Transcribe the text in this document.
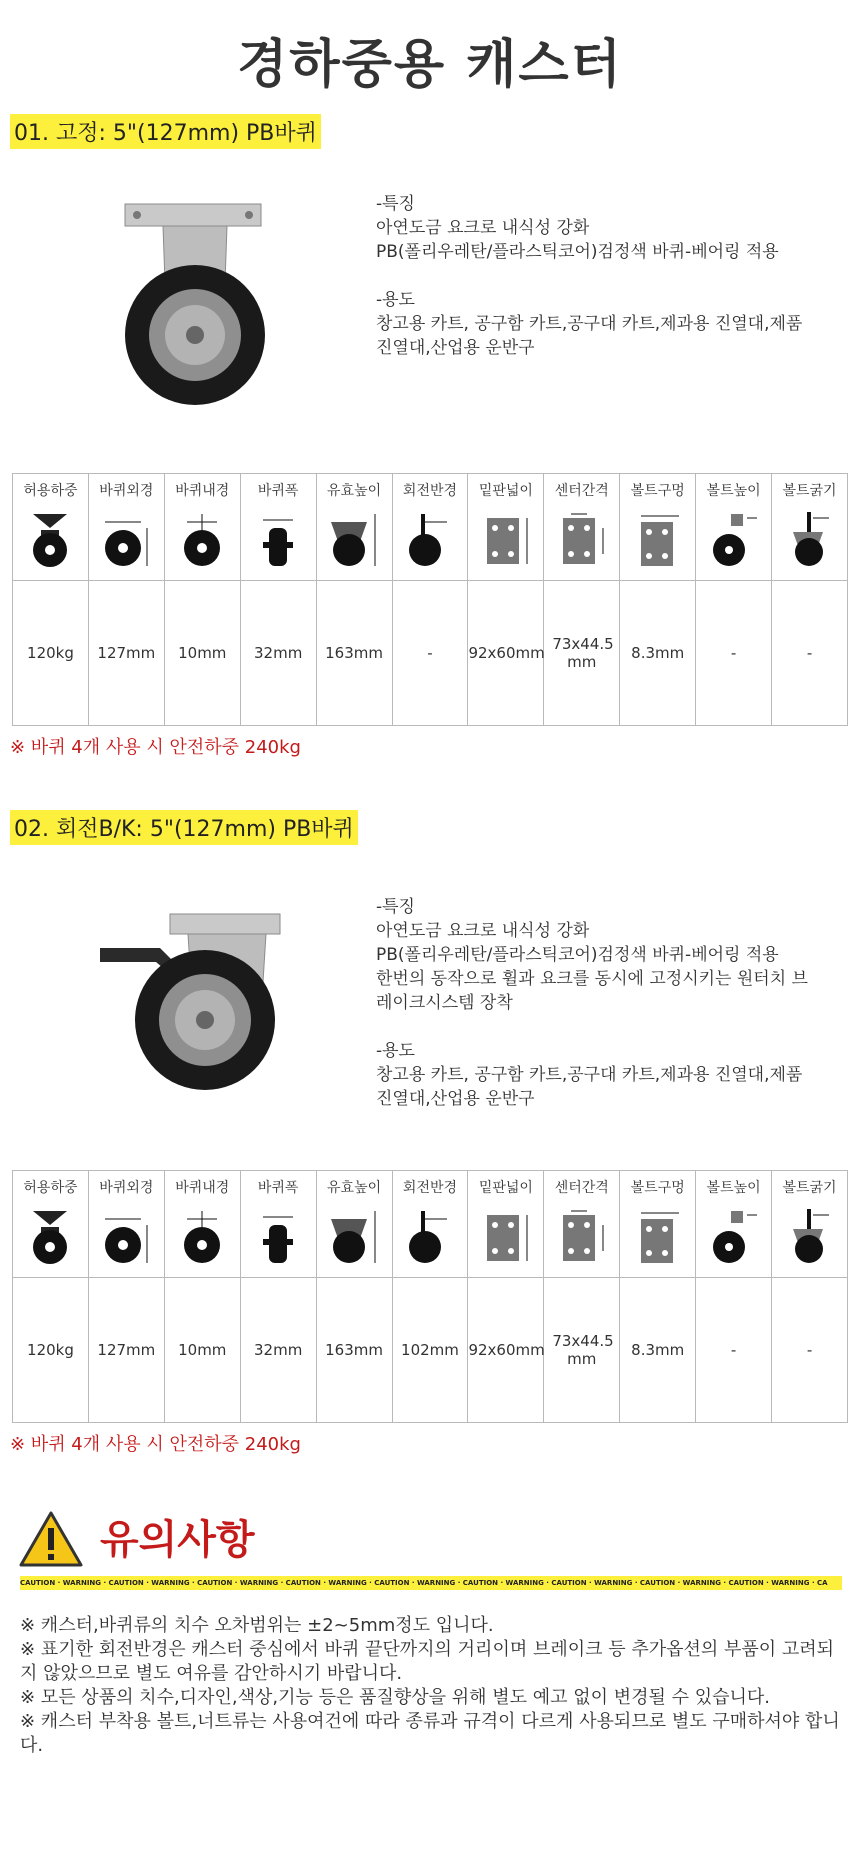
경하중용 캐스터
01. 고정: 5"(127mm) PB바퀴
-특징
아연도금 요크로 내식성 강화
PB(폴리우레탄/플라스틱코어)검정색 바퀴-베어링 적용

-용도
창고용 카트, 공구함 카트,공구대 카트,제과용 진열대,제품 진열대,산업용 운반구
허용하중	바퀴외경	바퀴내경	바퀴폭	유효높이	회전반경	밑판넓이	센터간격	볼트구멍	볼트높이	볼트굵기

120kg	127mm	10mm	32mm	163mm	-	92x60mm	73x44.5 mm	8.3mm	-	-
※ 바퀴 4개 사용 시 안전하중 240kg
02. 회전B/K: 5"(127mm) PB바퀴
-특징
아연도금 요크로 내식성 강화
PB(폴리우레탄/플라스틱코어)검정색 바퀴-베어링 적용
한번의 동작으로 휠과 요크를 동시에 고정시키는 원터치 브레이크시스템 장착

-용도
창고용 카트, 공구함 카트,공구대 카트,제과용 진열대,제품 진열대,산업용 운반구
허용하중	바퀴외경	바퀴내경	바퀴폭	유효높이	회전반경	밑판넓이	센터간격	볼트구멍	볼트높이	볼트굵기

120kg	127mm	10mm	32mm	163mm	102mm	92x60mm	73x44.5 mm	8.3mm	-	-
※ 바퀴 4개 사용 시 안전하중 240kg
유의사항
CAUTION · WARNING · CAUTION · WARNING · CAUTION · WARNING · CAUTION · WARNING · CAUTION · WARNING · CAUTION · WARNING · CAUTION · WARNING · CAUTION · WARNING · CAUTION · WARNING · CA

※ 캐스터,바퀴류의 치수 오차범위는 ±2~5mm정도 입니다.

※ 표기한 회전반경은 캐스터 중심에서 바퀴 끝단까지의 거리이며 브레이크 등 추가옵션의 부품이 고려되지 않았으므로 별도 여유를 감안하시기 바랍니다.

※ 모든 상품의 치수,디자인,색상,기능 등은 품질향상을 위해 별도 예고 없이 변경될 수 있습니다.

※ 캐스터 부착용 볼트,너트류는 사용여건에 따라 종류과 규격이 다르게 사용되므로 별도 구매하셔야 합니다.
